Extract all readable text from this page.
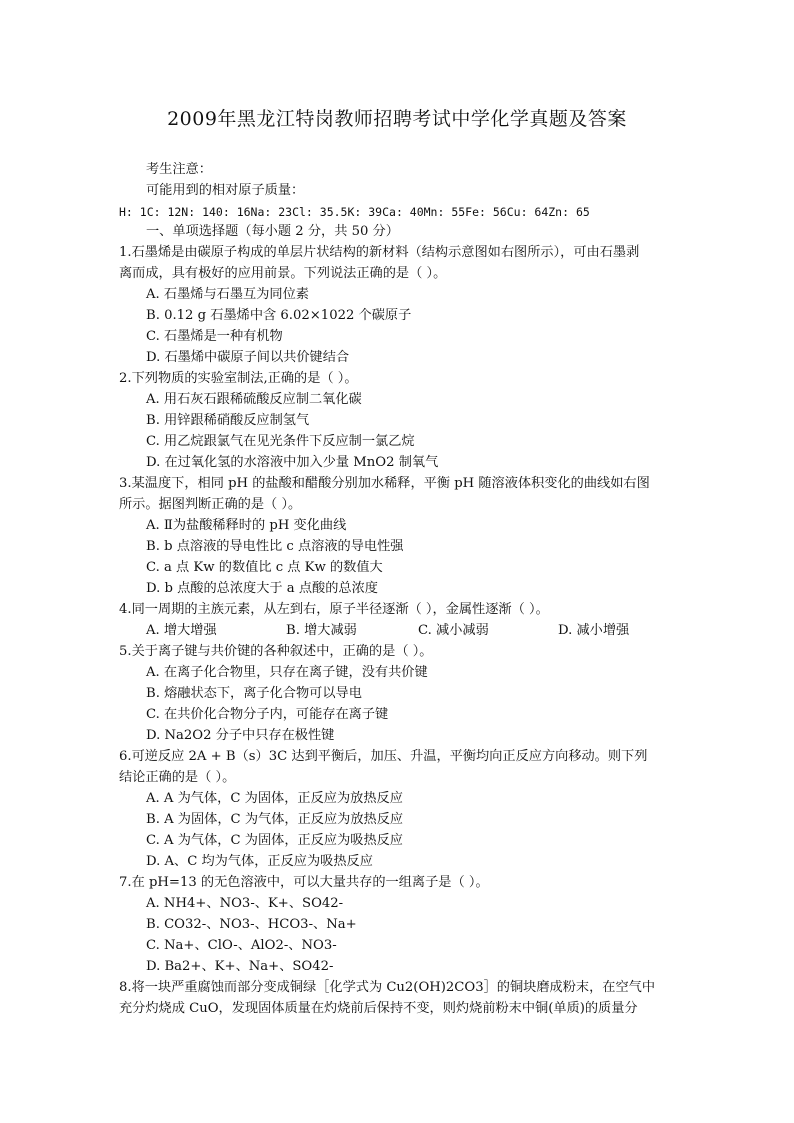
2009年黑龙江特岗教师招聘考试中学化学真题及答案
考生注意：
可能用到的相对原子质量：
H: 1C: 12N: 140: 16Na: 23Cl: 35.5K: 39Ca: 40Mn: 55Fe: 56Cu: 64Zn: 65
一、单项选择题（每小题 2 分，共 50 分）
1.石墨烯是由碳原子构成的单层片状结构的新材料（结构示意图如右图所示），可由石墨剥
离而成，具有极好的应用前景。下列说法正确的是（ ）。
A. 石墨烯与石墨互为同位素
B. 0.12 g 石墨烯中含 6.02×1022 个碳原子
C. 石墨烯是一种有机物
D. 石墨烯中碳原子间以共价键结合
2.下列物质的实验室制法,正确的是（ ）。
A. 用石灰石跟稀硫酸反应制二氧化碳
B. 用锌跟稀硝酸反应制氢气
C. 用乙烷跟氯气在见光条件下反应制一氯乙烷
D. 在过氧化氢的水溶液中加入少量 MnO2 制氧气
3.某温度下，相同 pH 的盐酸和醋酸分别加水稀释，平衡 pH 随溶液体积变化的曲线如右图
所示。据图判断正确的是（ ）。
A. Ⅱ为盐酸稀释时的 pH 变化曲线
B. b 点溶液的导电性比 c 点溶液的导电性强
C. a 点 Kw 的数值比 c 点 Kw 的数值大
D. b 点酸的总浓度大于 a 点酸的总浓度
4.同一周期的主族元素，从左到右，原子半径逐渐（ ），金属性逐渐（ ）。
A. 增大增强	B. 增大减弱	C. 减小减弱	D. 减小增强
5.关于离子键与共价键的各种叙述中，正确的是（ ）。
A. 在离子化合物里，只存在离子键，没有共价键
B. 熔融状态下，离子化合物可以导电
C. 在共价化合物分子内，可能存在离子键
D. Na2O2 分子中只存在极性键
6.可逆反应 2A + B（s）3C 达到平衡后，加压、升温，平衡均向正反应方向移动。则下列
结论正确的是（ ）。
A. A 为气体，C 为固体，正反应为放热反应
B. A 为固体，C 为气体，正反应为放热反应
C. A 为气体，C 为固体，正反应为吸热反应
D. A、C 均为气体，正反应为吸热反应
7.在 pH=13 的无色溶液中，可以大量共存的一组离子是（ ）。
A. NH4+、NO3-、K+、SO42-
B. CO32-、NO3-、HCO3-、Na+
C. Na+、ClO-、AlO2-、NO3-
D. Ba2+、K+、Na+、SO42-
8.将一块严重腐蚀而部分变成铜绿［化学式为 Cu2(OH)2CO3］的铜块磨成粉末，在空气中
充分灼烧成 CuO，发现固体质量在灼烧前后保持不变，则灼烧前粉末中铜(单质)的质量分
